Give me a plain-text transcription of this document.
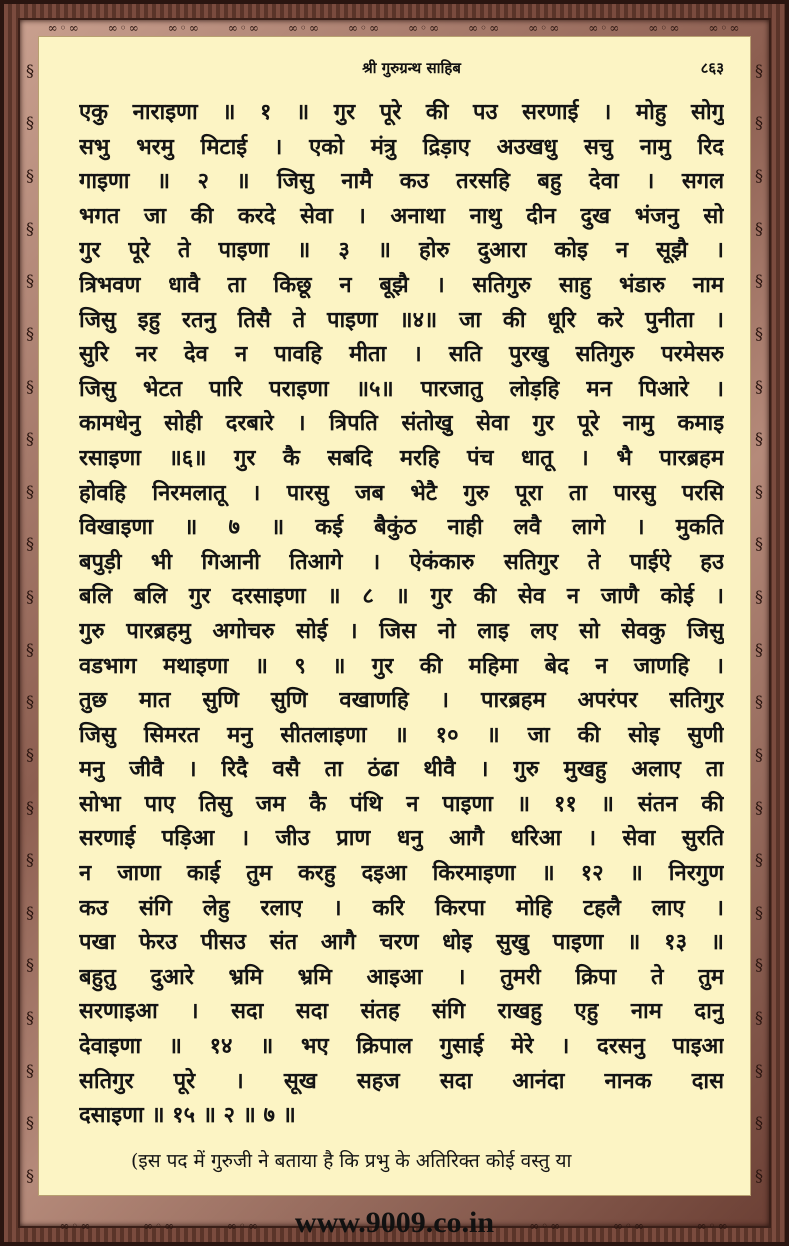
∞◦∞ ∞◦∞ ∞◦∞ ∞◦∞ ∞◦∞ ∞◦∞ ∞◦∞ ∞◦∞ ∞◦∞ ∞◦∞ ∞◦∞ ∞◦∞
§
§
§
§
§
§
§
§
§
§
§
§
§
§
§
§
§
§
§
§
§
§
§
§
§
§
§
§
§
§
§
§
§
§
§
§
§
§
§
§
§
§
§
§
∞◦∞	∞◦∞	∞◦∞	∞◦∞	∞◦∞	∞◦∞
श्री गुरुग्रन्थ साहिब	८६३
एकु नाराइणा ॥ १ ॥ गुर पूरे की पउ सरणाई । मोहु सोगु
सभु भरमु मिटाई । एको मंत्रु द्रिड़ाए अउखधु सचु नामु रिद
गाइणा ॥ २ ॥ जिसु नामै कउ तरसहि बहु देवा । सगल
भगत जा की करदे सेवा । अनाथा नाथु दीन दुख भंजनु सो
गुर पूरे ते पाइणा ॥ ३ ॥ होरु दुआरा कोइ न सूझै ।
त्रिभवण धावै ता किछू न बूझै । सतिगुरु साहु भंडारु नाम
जिसु इहु रतनु तिसै ते पाइणा ॥४॥ जा की धूरि करे पुनीता ।
सुरि नर देव न पावहि मीता । सति पुरखु सतिगुरु परमेसरु
जिसु भेटत पारि पराइणा ॥५॥ पारजातु लोड़हि मन पिआरे ।
कामधेनु सोही दरबारे । त्रिपति संतोखु सेवा गुर पूरे नामु कमाइ
रसाइणा ॥६॥ गुर कै सबदि मरहि पंच धातू । भै पारब्रहम
होवहि निरमलातू । पारसु जब भेटै गुरु पूरा ता पारसु परसि
विखाइणा ॥ ७ ॥ कई बैकुंठ नाही लवै लागे । मुकति
बपुड़ी भी गिआनी तिआगे । ऐकंकारु सतिगुर ते पाईऐ हउ
बलि बलि गुर दरसाइणा ॥ ८ ॥ गुर की सेव न जाणै कोई ।
गुरु पारब्रहमु अगोचरु सोई । जिस नो लाइ लए सो सेवकु जिसु
वडभाग मथाइणा ॥ ९ ॥ गुर की महिमा बेद न जाणहि ।
तुछ मात सुणि सुणि वखाणहि । पारब्रहम अपरंपर सतिगुर
जिसु सिमरत मनु सीतलाइणा ॥ १० ॥ जा की सोइ सुणी
मनु जीवै । रिदै वसै ता ठंढा थीवै । गुरु मुखहु अलाए ता
सोभा पाए तिसु जम कै पंथि न पाइणा ॥ ११ ॥ संतन की
सरणाई पड़िआ । जीउ प्राण धनु आगै धरिआ । सेवा सुरति
न जाणा काई तुम करहु दइआ किरमाइणा ॥ १२ ॥ निरगुण
कउ संगि लेहु रलाए । करि किरपा मोहि टहलै लाए ।
पखा फेरउ पीसउ संत आगै चरण धोइ सुखु पाइणा ॥ १३ ॥
बहुतु दुआरे भ्रमि भ्रमि आइआ । तुमरी क्रिपा ते तुम
सरणाइआ । सदा सदा संतह संगि राखहु एहु नाम दानु
देवाइणा ॥ १४ ॥ भए क्रिपाल गुसाई मेरे । दरसनु पाइआ
सतिगुर पूरे । सूख सहज सदा आनंदा नानक दास
दसाइणा ॥ १५ ॥ २ ॥ ७ ॥
(इस पद में गुरुजी ने बताया है कि प्रभु के अतिरिक्त कोई वस्तु या
www.9009.co.in
